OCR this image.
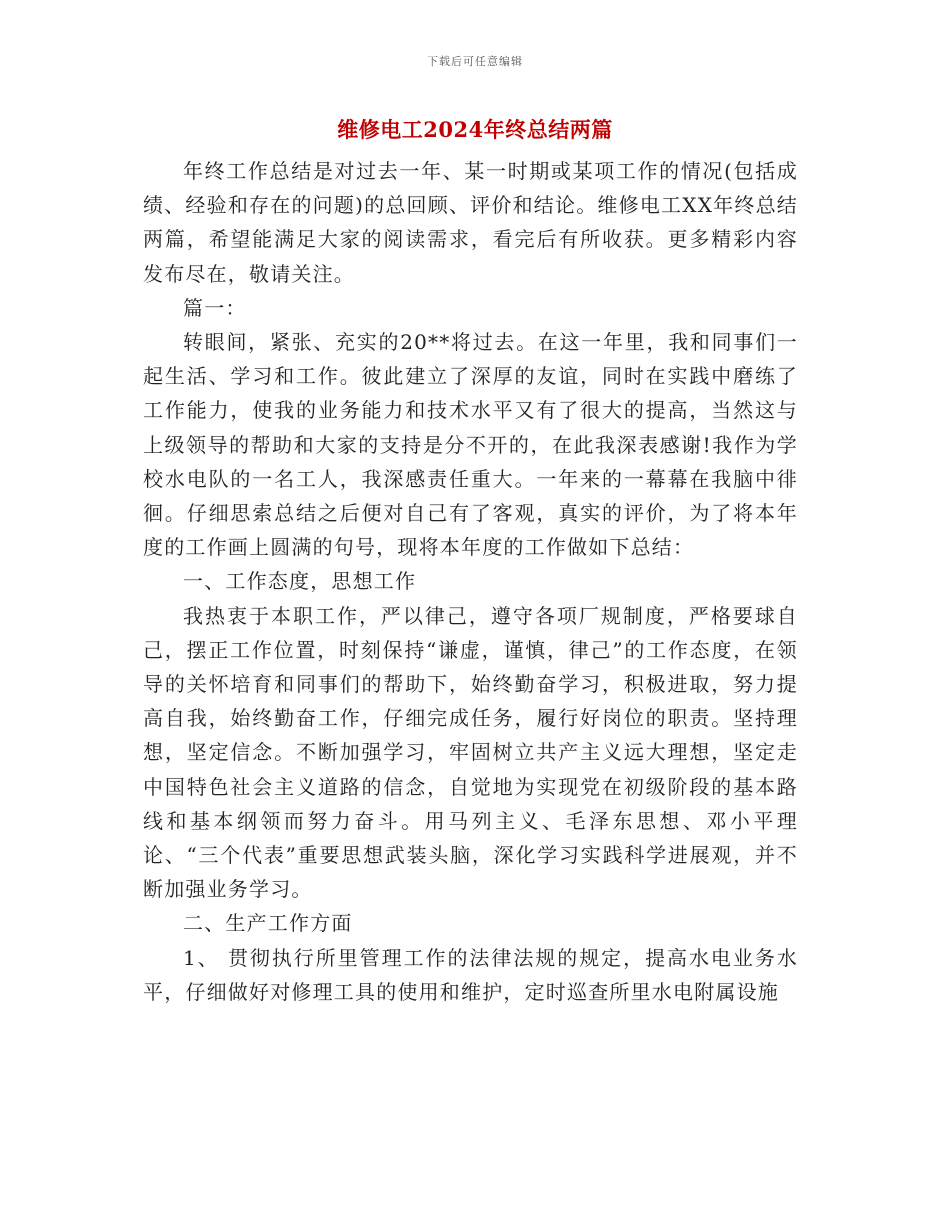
下载后可任意编辑
维修电工2024年终总结两篇

年终工作总结是对过去一年、某一时期或某项工作的情况(包括成绩、经验和存在的问题)的总回顾、评价和结论。维修电工XX年终总结两篇，希望能满足大家的阅读需求，看完后有所收获。更多精彩内容发布尽在，敬请关注。

篇一：

转眼间，紧张、充实的20**将过去。在这一年里，我和同事们一起生活、学习和工作。彼此建立了深厚的友谊，同时在实践中磨练了工作能力，使我的业务能力和技术水平又有了很大的提高，当然这与上级领导的帮助和大家的支持是分不开的，在此我深表感谢!我作为学校水电队的一名工人，我深感责任重大。一年来的一幕幕在我脑中徘徊。仔细思索总结之后便对自己有了客观，真实的评价，为了将本年度的工作画上圆满的句号，现将本年度的工作做如下总结：

一、工作态度，思想工作

我热衷于本职工作，严以律己，遵守各项厂规制度，严格要球自己，摆正工作位置，时刻保持“谦虚，谨慎，律己”的工作态度，在领导的关怀培育和同事们的帮助下，始终勤奋学习，积极进取，努力提高自我，始终勤奋工作，仔细完成任务，履行好岗位的职责。坚持理想，坚定信念。不断加强学习，牢固树立共产主义远大理想，坚定走中国特色社会主义道路的信念，自觉地为实现党在初级阶段的基本路线和基本纲领而努力奋斗。用马列主义、毛泽东思想、邓小平理论、“三个代表”重要思想武装头脑，深化学习实践科学进展观，并不断加强业务学习。

二、生产工作方面

1、 贯彻执行所里管理工作的法律法规的规定，提高水电业务水平，仔细做好对修理工具的使用和维护，定时巡查所里水电附属设施
